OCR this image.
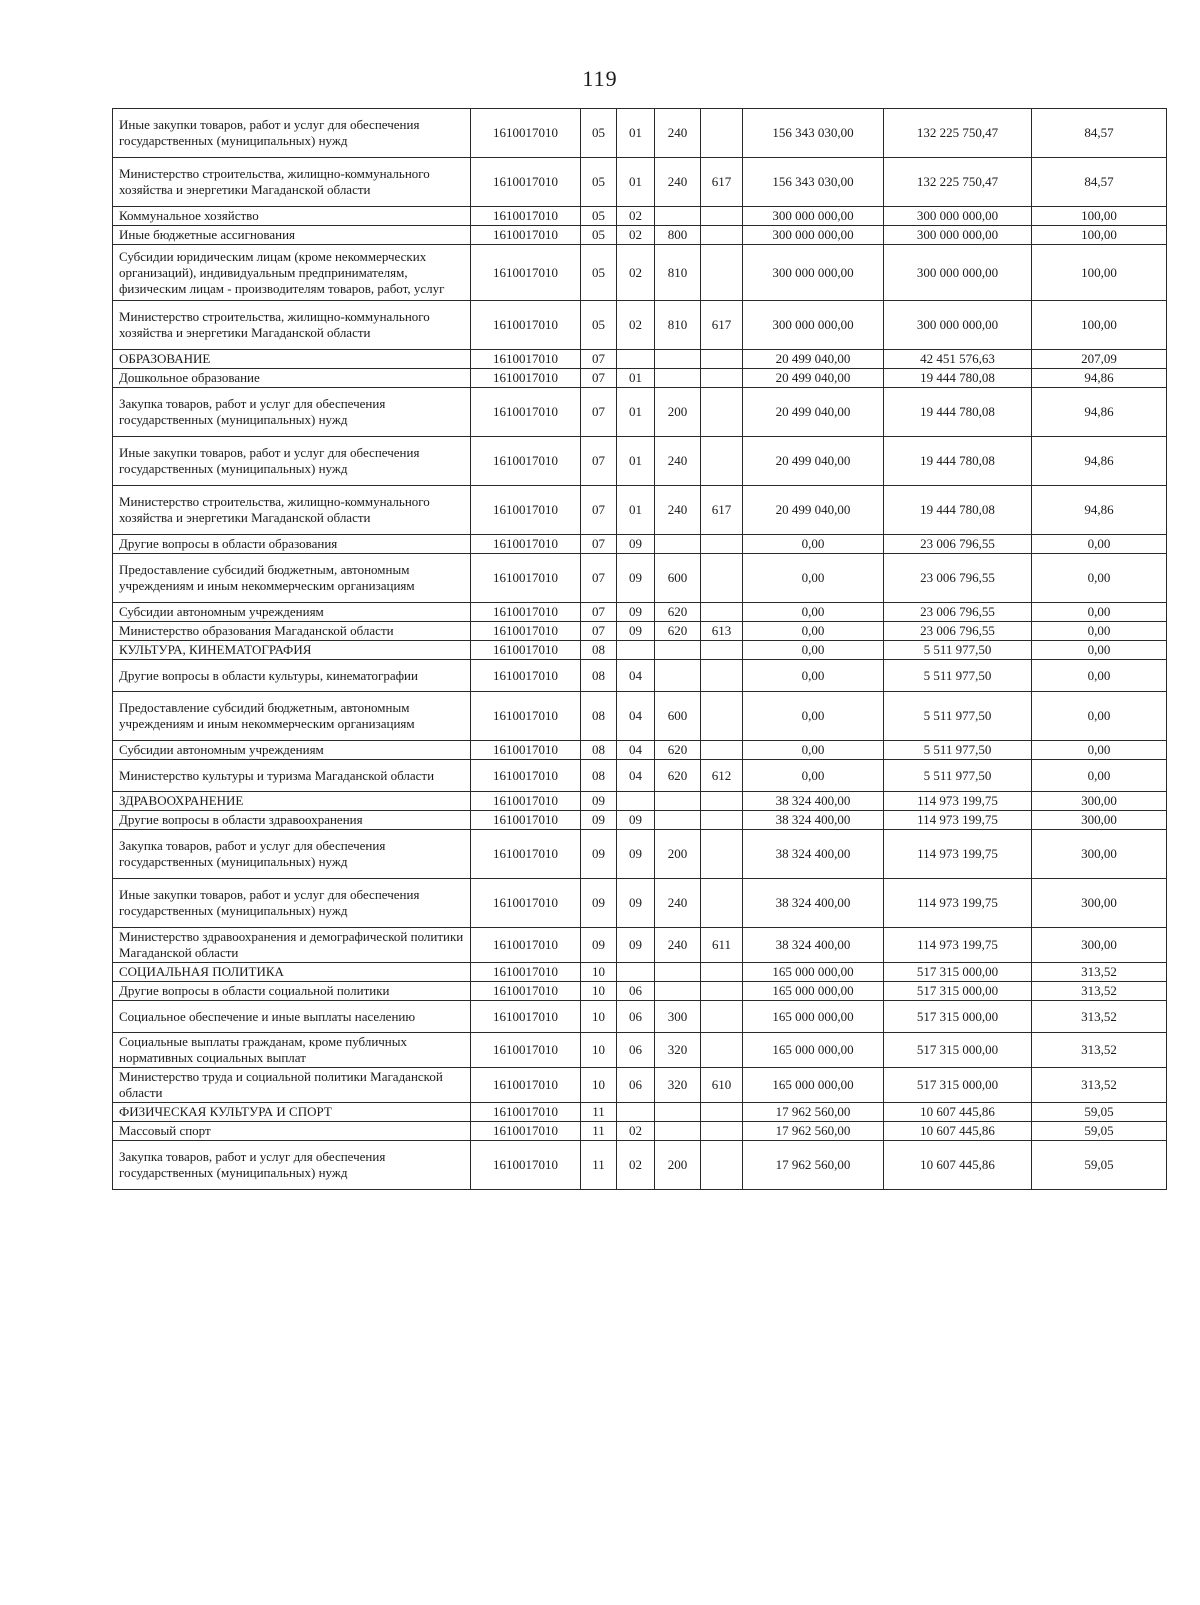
119
Иные закупки товаров, работ и услуг для обеспечения государственных (муниципальных) нужд	1610017010	05	01	240		156 343 030,00	132 225 750,47	84,57
Министерство строительства, жилищно-коммунального хозяйства и энергетики Магаданской области	1610017010	05	01	240	617	156 343 030,00	132 225 750,47	84,57
Коммунальное хозяйство	1610017010	05	02			300 000 000,00	300 000 000,00	100,00
Иные бюджетные ассигнования	1610017010	05	02	800		300 000 000,00	300 000 000,00	100,00
Субсидии юридическим лицам (кроме некоммерческих организаций), индивидуальным предпринимателям, физическим лицам - производителям товаров, работ, услуг	1610017010	05	02	810		300 000 000,00	300 000 000,00	100,00
Министерство строительства, жилищно-коммунального хозяйства и энергетики Магаданской области	1610017010	05	02	810	617	300 000 000,00	300 000 000,00	100,00
ОБРАЗОВАНИЕ	1610017010	07				20 499 040,00	42 451 576,63	207,09
Дошкольное образование	1610017010	07	01			20 499 040,00	19 444 780,08	94,86
Закупка товаров, работ и услуг для обеспечения государственных (муниципальных) нужд	1610017010	07	01	200		20 499 040,00	19 444 780,08	94,86
Иные закупки товаров, работ и услуг для обеспечения государственных (муниципальных) нужд	1610017010	07	01	240		20 499 040,00	19 444 780,08	94,86
Министерство строительства, жилищно-коммунального хозяйства и энергетики Магаданской области	1610017010	07	01	240	617	20 499 040,00	19 444 780,08	94,86
Другие вопросы в области образования	1610017010	07	09			0,00	23 006 796,55	0,00
Предоставление субсидий бюджетным, автономным учреждениям и иным некоммерческим организациям	1610017010	07	09	600		0,00	23 006 796,55	0,00
Субсидии автономным учреждениям	1610017010	07	09	620		0,00	23 006 796,55	0,00
Министерство образования Магаданской области	1610017010	07	09	620	613	0,00	23 006 796,55	0,00
КУЛЬТУРА, КИНЕМАТОГРАФИЯ	1610017010	08				0,00	5 511 977,50	0,00
Другие вопросы в области культуры, кинематографии	1610017010	08	04			0,00	5 511 977,50	0,00
Предоставление субсидий бюджетным, автономным учреждениям и иным некоммерческим организациям	1610017010	08	04	600		0,00	5 511 977,50	0,00
Субсидии автономным учреждениям	1610017010	08	04	620		0,00	5 511 977,50	0,00
Министерство культуры и туризма Магаданской области	1610017010	08	04	620	612	0,00	5 511 977,50	0,00
ЗДРАВООХРАНЕНИЕ	1610017010	09				38 324 400,00	114 973 199,75	300,00
Другие вопросы в области здравоохранения	1610017010	09	09			38 324 400,00	114 973 199,75	300,00
Закупка товаров, работ и услуг для обеспечения государственных (муниципальных) нужд	1610017010	09	09	200		38 324 400,00	114 973 199,75	300,00
Иные закупки товаров, работ и услуг для обеспечения государственных (муниципальных) нужд	1610017010	09	09	240		38 324 400,00	114 973 199,75	300,00
Министерство здравоохранения и демографической политики Магаданской области	1610017010	09	09	240	611	38 324 400,00	114 973 199,75	300,00
СОЦИАЛЬНАЯ ПОЛИТИКА	1610017010	10				165 000 000,00	517 315 000,00	313,52
Другие вопросы в области социальной политики	1610017010	10	06			165 000 000,00	517 315 000,00	313,52
Социальное обеспечение и иные выплаты населению	1610017010	10	06	300		165 000 000,00	517 315 000,00	313,52
Социальные выплаты гражданам, кроме публичных нормативных социальных выплат	1610017010	10	06	320		165 000 000,00	517 315 000,00	313,52
Министерство труда и социальной политики Магаданской области	1610017010	10	06	320	610	165 000 000,00	517 315 000,00	313,52
ФИЗИЧЕСКАЯ КУЛЬТУРА И СПОРТ	1610017010	11				17 962 560,00	10 607 445,86	59,05
Массовый спорт	1610017010	11	02			17 962 560,00	10 607 445,86	59,05
Закупка товаров, работ и услуг для обеспечения государственных (муниципальных) нужд	1610017010	11	02	200		17 962 560,00	10 607 445,86	59,05
